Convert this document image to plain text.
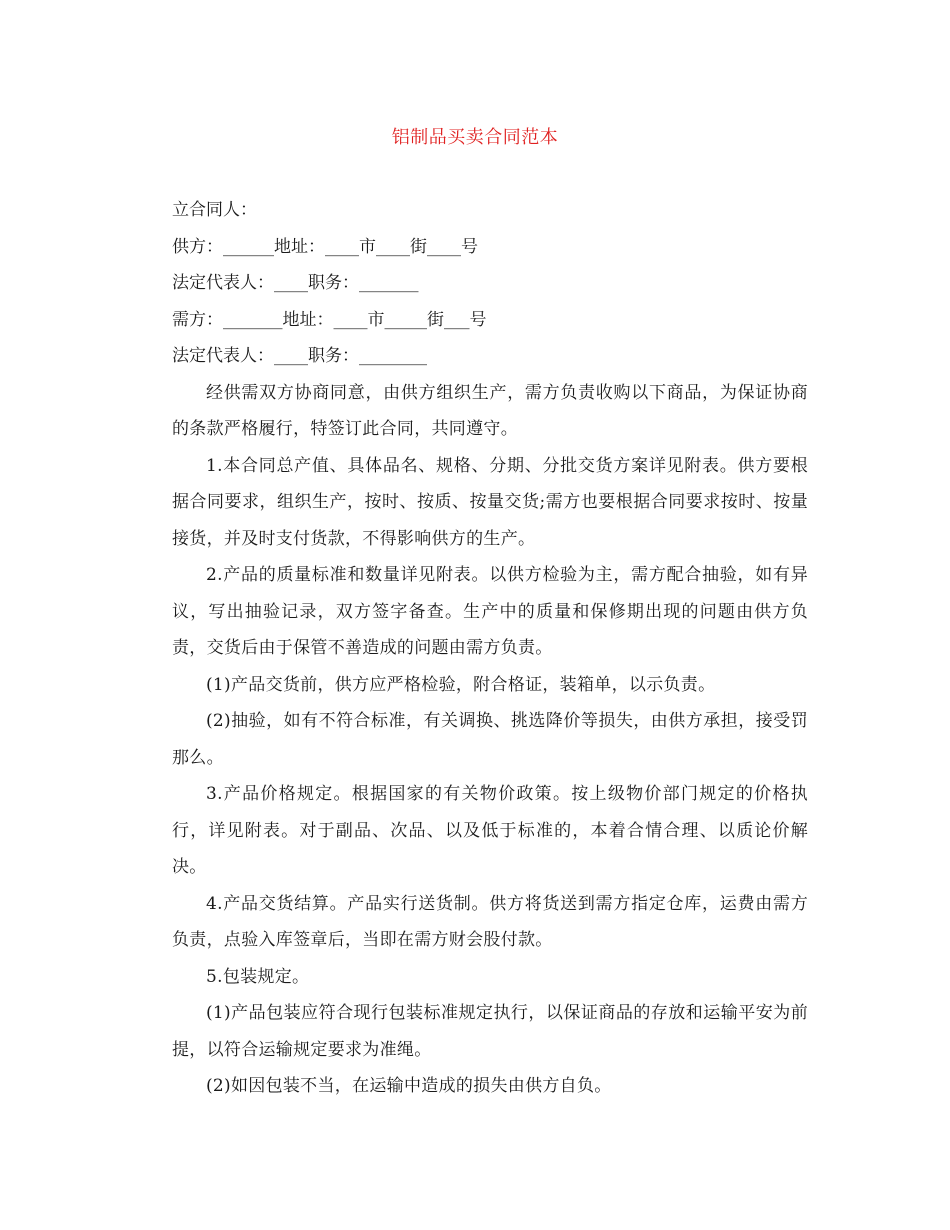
铝制品买卖合同范本

立合同人：

供方：______地址：____市____街____号

法定代表人：____职务：_______

需方：_______地址：____市_____街___号

法定代表人：____职务：________

经供需双方协商同意，由供方组织生产，需方负责收购以下商品，为保证协商的条款严格履行，特签订此合同，共同遵守。

1.本合同总产值、具体品名、规格、分期、分批交货方案详见附表。供方要根据合同要求，组织生产，按时、按质、按量交货;需方也要根据合同要求按时、按量接货，并及时支付货款，不得影响供方的生产。

2.产品的质量标准和数量详见附表。以供方检验为主，需方配合抽验，如有异议，写出抽验记录，双方签字备查。生产中的质量和保修期出现的问题由供方负责，交货后由于保管不善造成的问题由需方负责。

(1)产品交货前，供方应严格检验，附合格证，装箱单，以示负责。

(2)抽验，如有不符合标准，有关调换、挑选降价等损失，由供方承担，接受罚那么。

3.产品价格规定。根据国家的有关物价政策。按上级物价部门规定的价格执行，详见附表。对于副品、次品、以及低于标准的，本着合情合理、以质论价解决。

4.产品交货结算。产品实行送货制。供方将货送到需方指定仓库，运费由需方负责，点验入库签章后，当即在需方财会股付款。

5.包装规定。

(1)产品包装应符合现行包装标准规定执行，以保证商品的存放和运输平安为前提，以符合运输规定要求为准绳。

(2)如因包装不当，在运输中造成的损失由供方自负。
